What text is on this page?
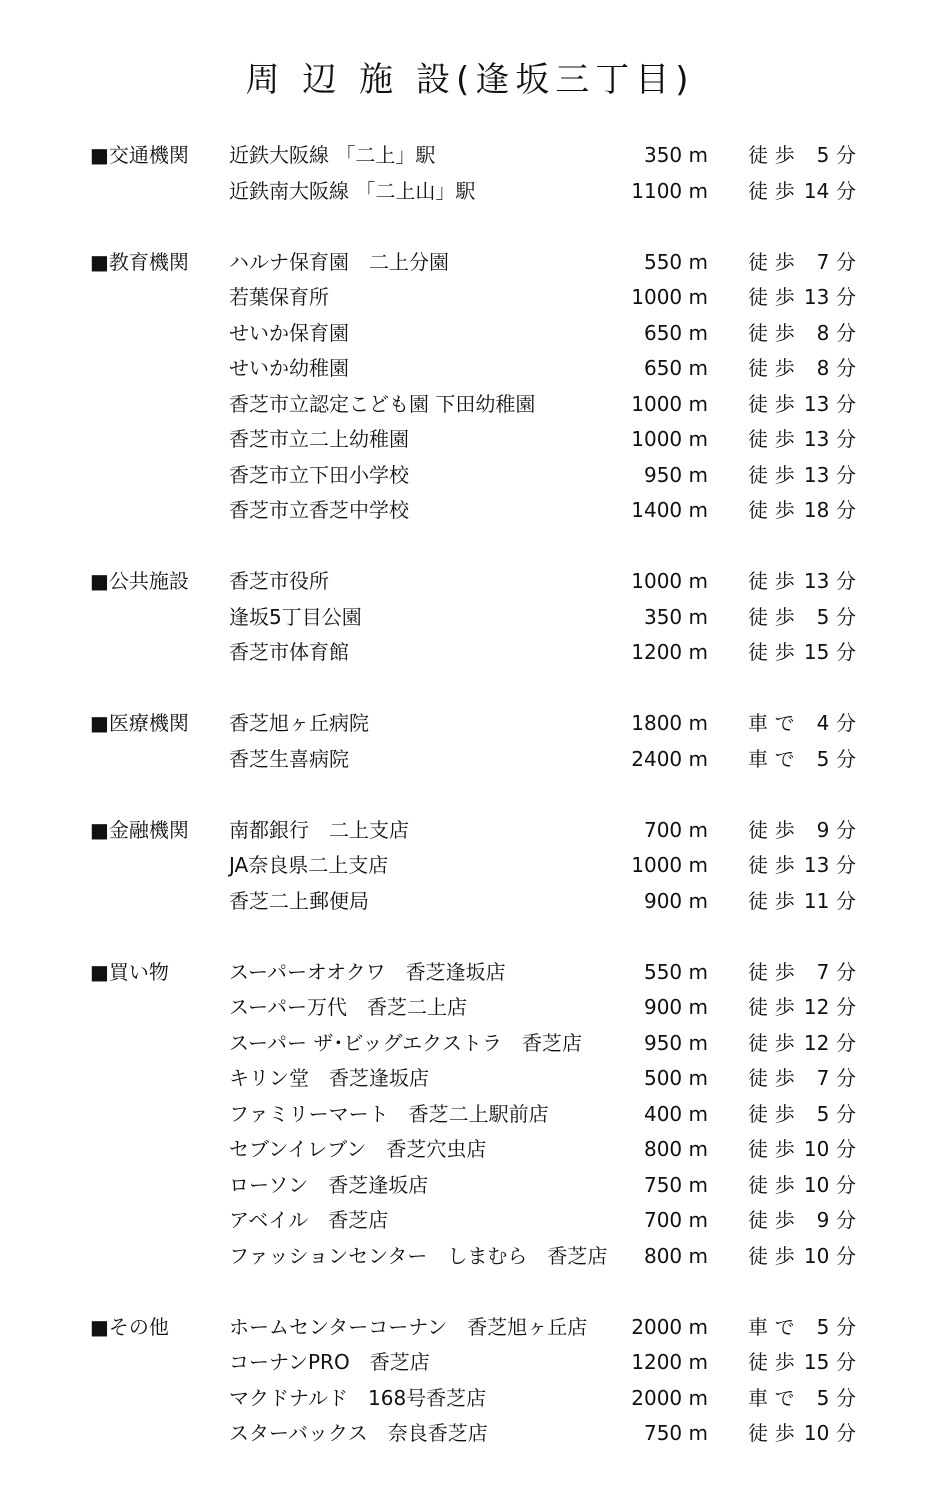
周 辺 施 設(逢坂三丁目)
■交通機関 近鉄大阪線 「二上」駅	350 m 徒 歩	5 分
近鉄南大阪線 「二上山」駅	1100 m 徒 歩 14 分
■教育機関 ハルナ保育園　二上分園	550 m 徒 歩	7 分
若葉保育所	1000 m 徒 歩 13 分
せいか保育園	650 m 徒 歩	8 分
せいか幼稚園	650 m 徒 歩	8 分
香芝市立認定こども園 下田幼稚園	1000 m 徒 歩 13 分
香芝市立二上幼稚園	1000 m 徒 歩 13 分
香芝市立下田小学校	950 m 徒 歩 13 分
香芝市立香芝中学校	1400 m 徒 歩 18 分
■公共施設 香芝市役所	1000 m 徒 歩 13 分
逢坂5丁目公園	350 m 徒 歩	5 分
香芝市体育館	1200 m 徒 歩 15 分
■医療機関 香芝旭ヶ丘病院	1800 m 車 で	4 分
香芝生喜病院	2400 m 車 で	5 分
■金融機関 南都銀行　二上支店	700 m 徒 歩	9 分
JA奈良県二上支店	1000 m 徒 歩 13 分
香芝二上郵便局	900 m 徒 歩 11 分
■買い物	スーパーオオクワ　香芝逢坂店	550 m 徒 歩	7 分
スーパー万代　香芝二上店	900 m 徒 歩 12 分
スーパー ザ･ビッグエクストラ　香芝店	950 m 徒 歩 12 分
キリン堂　香芝逢坂店	500 m 徒 歩	7 分
ファミリーマート　香芝二上駅前店	400 m 徒 歩	5 分
セブンイレブン　香芝穴虫店	800 m 徒 歩 10 分
ローソン　香芝逢坂店	750 m 徒 歩 10 分
アベイル　香芝店	700 m 徒 歩	9 分
ファッションセンター　しまむら　香芝店 800 m 徒 歩 10 分
■その他	ホームセンターコーナン　香芝旭ヶ丘店 2000 m 車 で	5 分
コーナンPRO　香芝店	1200 m 徒 歩 15 分
マクドナルド　168号香芝店	2000 m 車 で	5 分
スターバックス　奈良香芝店	750 m 徒 歩 10 分
